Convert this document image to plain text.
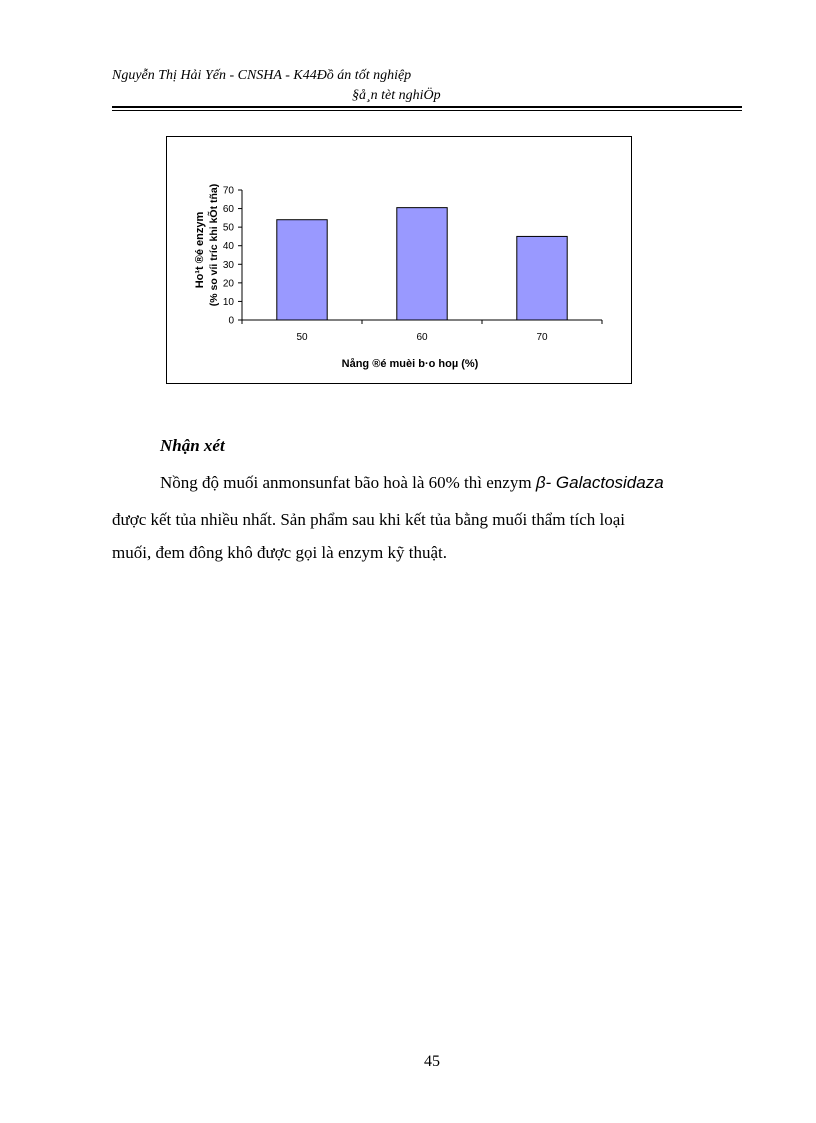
Nguyễn Thị Hải Yến - CNSHA - K44Đồ án tốt nghiệp
§å¸n tèt nghiÖp
0
10
20
30
40
50
60
70
50	60	70
Nång ®é muèi b·o hoµ (%)
Ho¹t ®é enzym (% so víi tríc khi kÕt tña)
Nhận xét
Nồng độ muối anmonsunfat bão hoà là 60% thì enzym β- Galactosidaza
được kết tủa nhiều nhất. Sản phẩm sau khi kết tủa bằng muối thẩm tích loại
muối, đem đông khô được gọi là enzym kỹ thuật.
45
